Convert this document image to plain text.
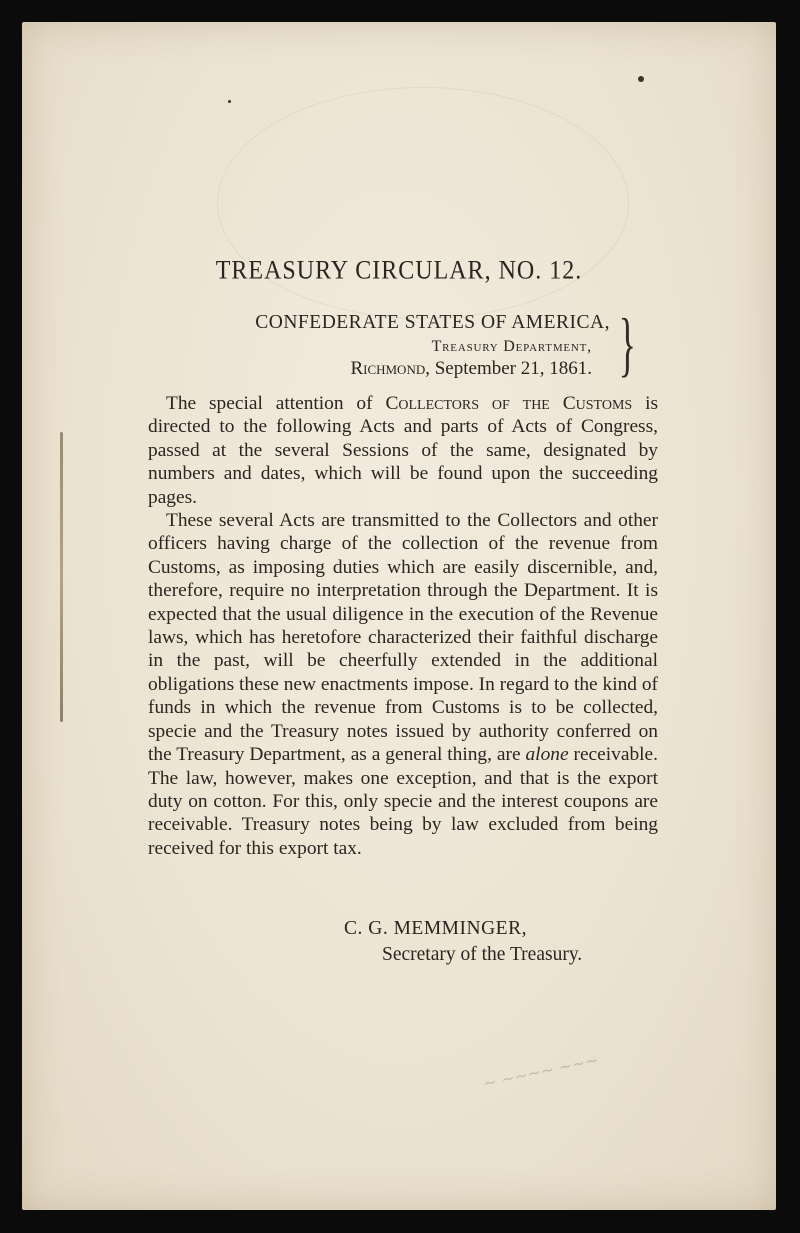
TREASURY CIRCULAR, NO. 12.
CONFEDERATE STATES OF AMERICA,
Treasury Department,
Richmond, September 21, 1861. }

The special attention of Collectors of the Customs is directed to the following Acts and parts of Acts of Congress, passed at the several Sessions of the same, designated by numbers and dates, which will be found upon the succeeding pages.

These several Acts are transmitted to the Collectors and other officers having charge of the collection of the revenue from Customs, as imposing duties which are easily discernible, and, therefore, require no interpretation through the Department. It is expected that the usual diligence in the execution of the Revenue laws, which has heretofore characterized their faithful discharge in the past, will be cheerfully extended in the additional obligations these new enactments impose. In regard to the kind of funds in which the revenue from Customs is to be collected, specie and the Treasury notes issued by authority conferred on the Treasury Department, as a general thing, are alone receivable. The law, however, makes one exception, and that is the export duty on cotton. For this, only specie and the interest coupons are receivable. Treasury notes being by law excluded from being received for this export tax.

C. G. MEMMINGER,
Secretary of the Treasury.
~ ~~~~ ~~~
